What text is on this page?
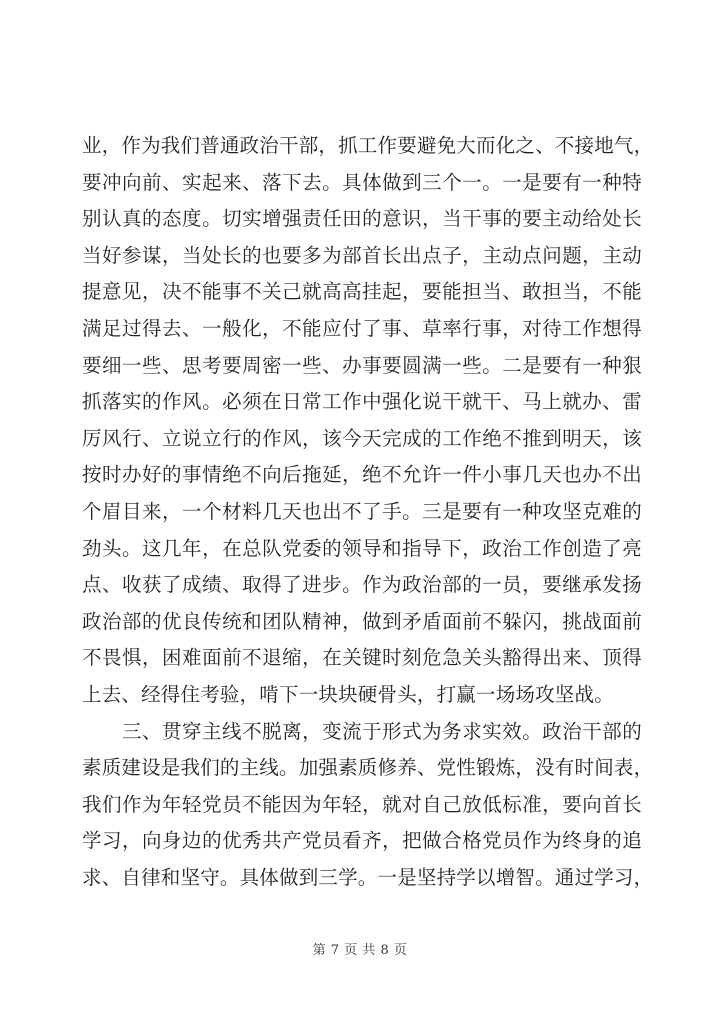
业，作为我们普通政治干部，抓工作要避免大而化之、不接地气，
要冲向前、实起来、落下去。具体做到三个一。一是要有一种特
别认真的态度。切实增强责任田的意识，当干事的要主动给处长
当好参谋，当处长的也要多为部首长出点子，主动点问题，主动
提意见，决不能事不关己就高高挂起，要能担当、敢担当，不能
满足过得去、一般化，不能应付了事、草率行事，对待工作想得
要细一些、思考要周密一些、办事要圆满一些。二是要有一种狠
抓落实的作风。必须在日常工作中强化说干就干、马上就办、雷
厉风行、立说立行的作风，该今天完成的工作绝不推到明天，该
按时办好的事情绝不向后拖延，绝不允许一件小事几天也办不出
个眉目来，一个材料几天也出不了手。三是要有一种攻坚克难的
劲头。这几年，在总队党委的领导和指导下，政治工作创造了亮
点、收获了成绩、取得了进步。作为政治部的一员，要继承发扬
政治部的优良传统和团队精神，做到矛盾面前不躲闪，挑战面前
不畏惧，困难面前不退缩，在关键时刻危急关头豁得出来、顶得
上去、经得住考验，啃下一块块硬骨头，打赢一场场攻坚战。
三、贯穿主线不脱离，变流于形式为务求实效。政治干部的
素质建设是我们的主线。加强素质修养、党性锻炼，没有时间表，
我们作为年轻党员不能因为年轻，就对自己放低标准，要向首长
学习，向身边的优秀共产党员看齐，把做合格党员作为终身的追
求、自律和坚守。具体做到三学。一是坚持学以增智。通过学习，
第 7 页 共 8 页
